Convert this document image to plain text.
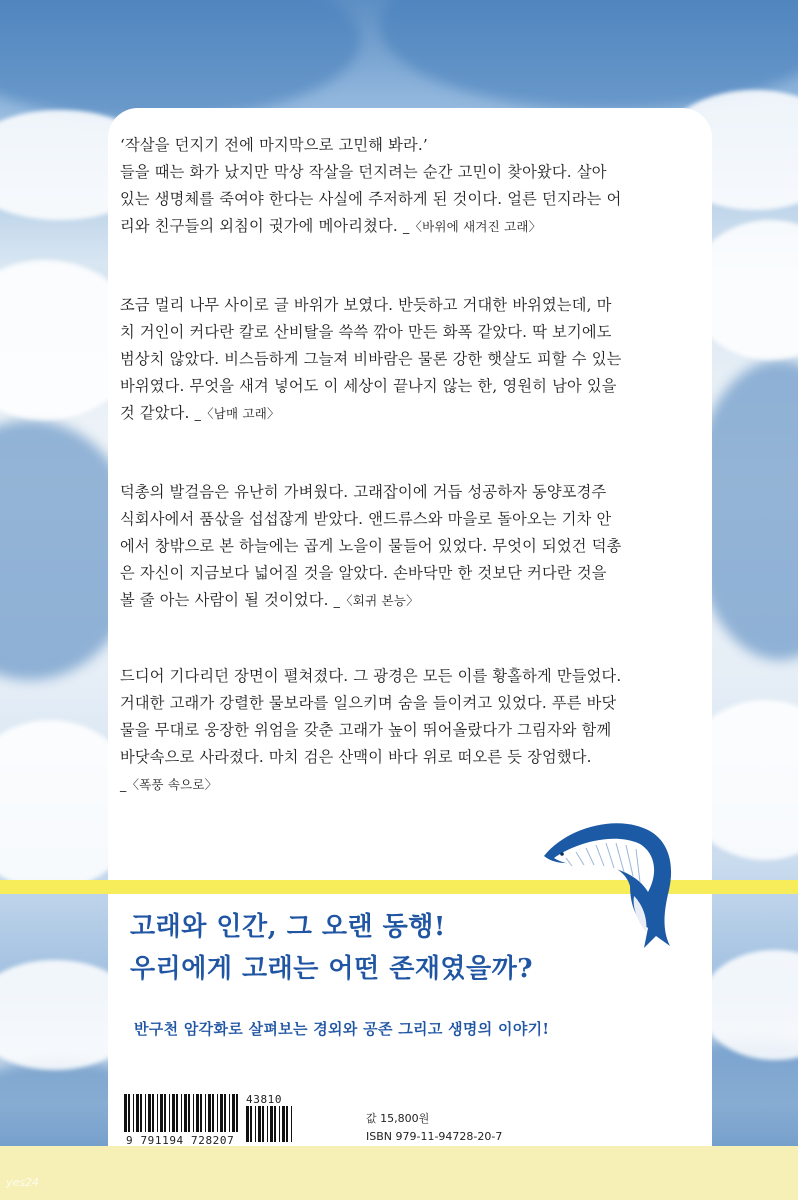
‘작살을 던지기 전에 마지막으로 고민해 봐라.’
들을 때는 화가 났지만 막상 작살을 던지려는 순간 고민이 찾아왔다. 살아
있는 생명체를 죽여야 한다는 사실에 주저하게 된 것이다. 얼른 던지라는 어
리와 친구들의 외침이 귓가에 메아리쳤다. _〈바위에 새겨진 고래〉
조금 멀리 나무 사이로 글 바위가 보였다. 반듯하고 거대한 바위였는데, 마
치 거인이 커다란 칼로 산비탈을 쓱쓱 깎아 만든 화폭 같았다. 딱 보기에도
범상치 않았다. 비스듬하게 그늘져 비바람은 물론 강한 햇살도 피할 수 있는
바위였다. 무엇을 새겨 넣어도 이 세상이 끝나지 않는 한, 영원히 남아 있을
것 같았다. _〈남매 고래〉
덕총의 발걸음은 유난히 가벼웠다. 고래잡이에 거듭 성공하자 동양포경주
식회사에서 품삯을 섭섭잖게 받았다. 앤드류스와 마을로 돌아오는 기차 안
에서 창밖으로 본 하늘에는 곱게 노을이 물들어 있었다. 무엇이 되었건 덕총
은 자신이 지금보다 넓어질 것을 알았다. 손바닥만 한 것보단 커다란 것을
볼 줄 아는 사람이 될 것이었다. _〈회귀 본능〉
드디어 기다리던 장면이 펼쳐졌다. 그 광경은 모든 이를 황홀하게 만들었다.
거대한 고래가 강렬한 물보라를 일으키며 숨을 들이켜고 있었다. 푸른 바닷
물을 무대로 웅장한 위엄을 갖춘 고래가 높이 뛰어올랐다가 그림자와 함께
바닷속으로 사라졌다. 마치 검은 산맥이 바다 위로 떠오른 듯 장엄했다.
_〈폭풍 속으로〉
고래와 인간, 그 오랜 동행!
우리에게 고래는 어떤 존재였을까?
반구천 암각화로 살펴보는 경외와 공존 그리고 생명의 이야기!
9 791194 728207
43810
값 15,800원
ISBN 979-11-94728-20-7
yes24
